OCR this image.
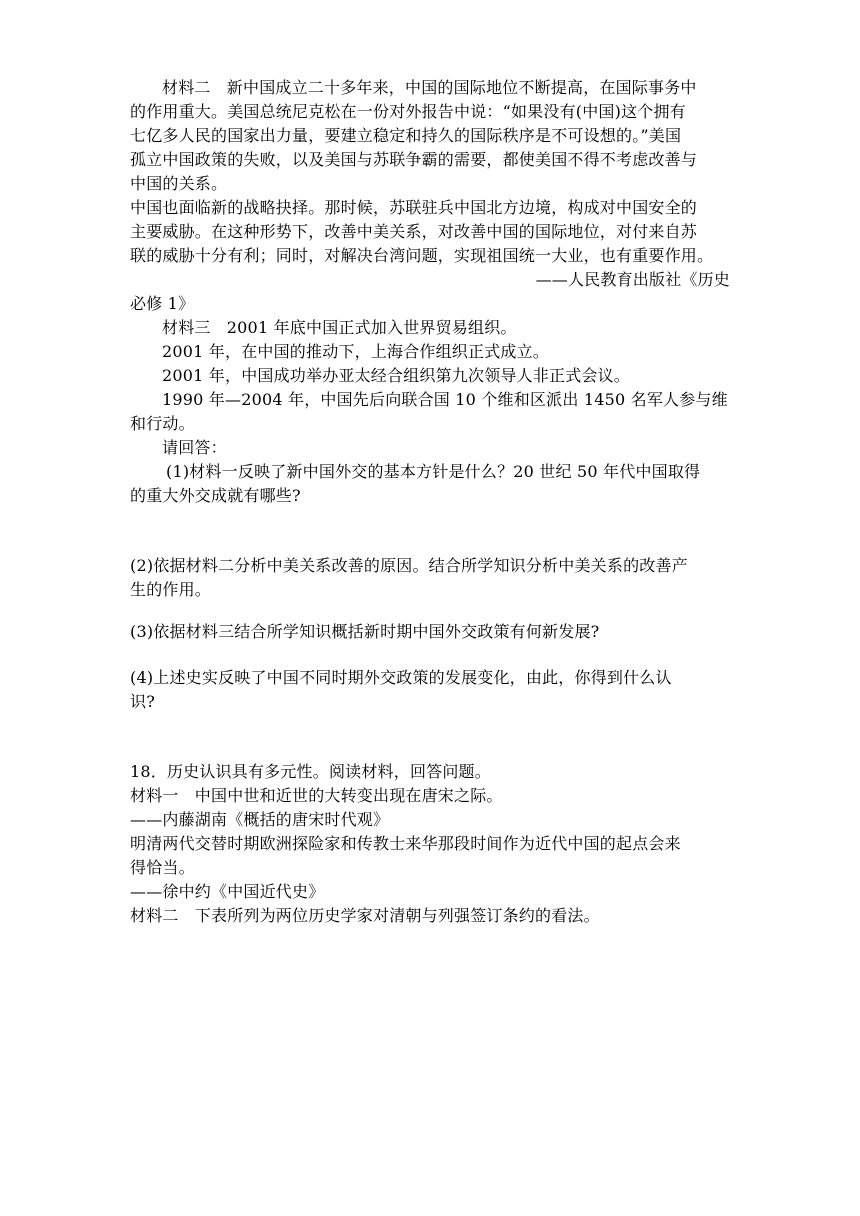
材料二　新中国成立二十多年来，中国的国际地位不断提高，在国际事务中
的作用重大。美国总统尼克松在一份对外报告中说：“如果没有(中国)这个拥有
七亿多人民的国家出力量，要建立稳定和持久的国际秩序是不可设想的。”美国
孤立中国政策的失败，以及美国与苏联争霸的需要，都使美国不得不考虑改善与
中国的关系。
中国也面临新的战略抉择。那时候，苏联驻兵中国北方边境，构成对中国安全的
主要威胁。在这种形势下，改善中美关系，对改善中国的国际地位，对付来自苏
联的威胁十分有利；同时，对解决台湾问题，实现祖国统一大业，也有重要作用。
——人民教育出版社《历史
必修 1》
材料三　2001 年底中国正式加入世界贸易组织。
2001 年，在中国的推动下，上海合作组织正式成立。
2001 年，中国成功举办亚太经合组织第九次领导人非正式会议。
1990 年—2004 年，中国先后向联合国 10 个维和区派出 1450 名军人参与维
和行动。
请回答：
(1)材料一反映了新中国外交的基本方针是什么？20 世纪 50 年代中国取得
的重大外交成就有哪些?
(2)依据材料二分析中美关系改善的原因。结合所学知识分析中美关系的改善产
生的作用。
(3)依据材料三结合所学知识概括新时期中国外交政策有何新发展?
(4)上述史实反映了中国不同时期外交政策的发展变化，由此，你得到什么认
识?
18．历史认识具有多元性。阅读材料，回答问题。
材料一　中国中世和近世的大转变出现在唐宋之际。
——内藤湖南《概括的唐宋时代观》
明清两代交替时期欧洲探险家和传教士来华那段时间作为近代中国的起点会来
得恰当。
——徐中约《中国近代史》
材料二　下表所列为两位历史学家对清朝与列强签订条约的看法。
